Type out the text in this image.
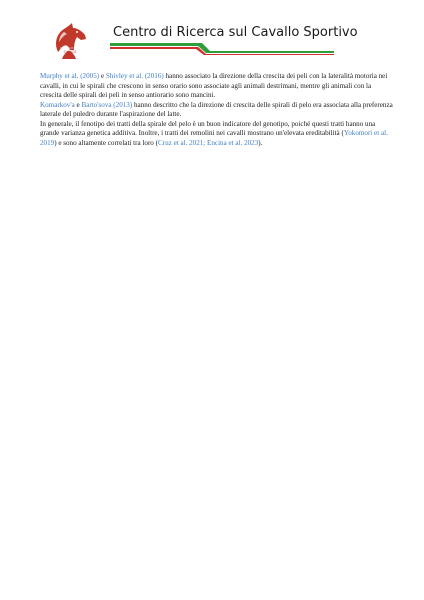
CeRiCS
Centro di Ricerca sul Cavallo Sportivo

Murphy et al. (2005) e Shivley et al. (2016) hanno associato la direzione della crescita dei peli con la lateralità motoria nei cavalli, in cui le spirali che crescono in senso orario sono associate agli animali destrimani, mentre gli animali con la crescita delle spirali dei peli in senso antiorario sono mancini.

Komarkov'a e Barto'sova (2013) hanno descritto che la direzione di crescita delle spirali di pelo era associata alla preferenza laterale del puledro durante l'aspirazione del latte.

In generale, il fenotipo dei tratti della spirale del pelo è un buon indicatore del genotipo, poiché questi tratti hanno una grande varianza genetica additiva. Inoltre, i tratti dei remolini nei cavalli mostrano un'elevata ereditabilità (Yokomori et al. 2019) e sono altamente correlati tra loro (Cruz et al. 2021; Encina et al. 2023).
